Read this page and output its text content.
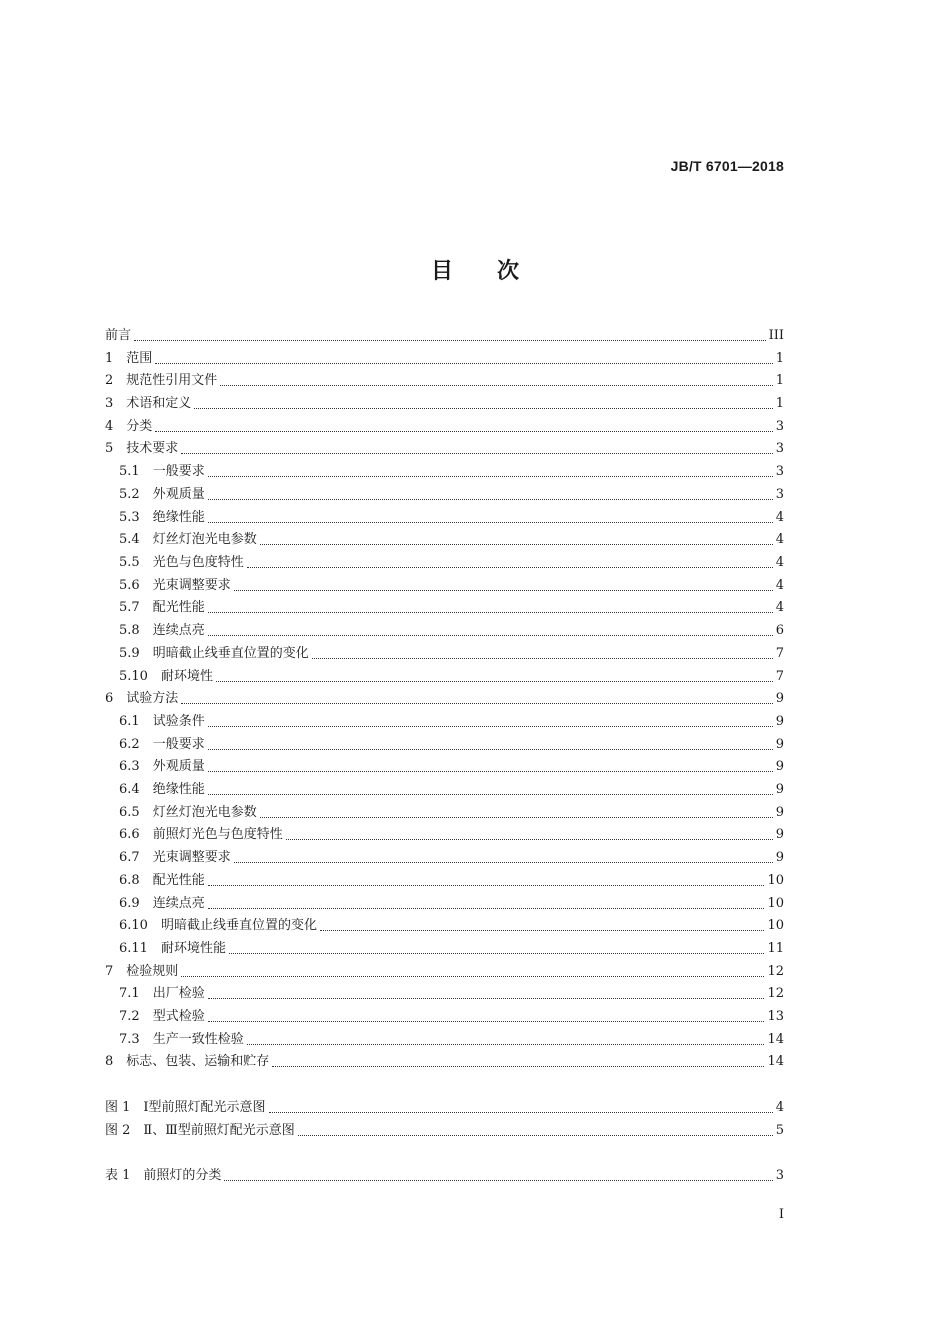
JB/T 6701—2018
目　　次
前言	III
1　 范围	1
2　 规范性引用文件	1
3　 术语和定义	1
4　 分类	3
5　 技术要求	3
5.1　 一般要求	3
5.2　 外观质量	3
5.3　 绝缘性能	4
5.4　 灯丝灯泡光电参数	4
5.5　 光色与色度特性	4
5.6　 光束调整要求	4
5.7　 配光性能	4
5.8　 连续点亮	6
5.9　 明暗截止线垂直位置的变化	7
5.10　 耐环境性	7
6　 试验方法	9
6.1　 试验条件	9
6.2　 一般要求	9
6.3　 外观质量	9
6.4　 绝缘性能	9
6.5　 灯丝灯泡光电参数	9
6.6　 前照灯光色与色度特性	9
6.7　 光束调整要求	9
6.8　 配光性能	10
6.9　 连续点亮	10
6.10　 明暗截止线垂直位置的变化	10
6.11　 耐环境性能	11
7　 检验规则	12
7.1　 出厂检验	12
7.2　 型式检验	13
7.3　 生产一致性检验	14
8　 标志、包装、运输和贮存	14
图 1　 Ⅰ型前照灯配光示意图	4
图 2　 Ⅱ、Ⅲ型前照灯配光示意图	5
表 1　 前照灯的分类	3
I
